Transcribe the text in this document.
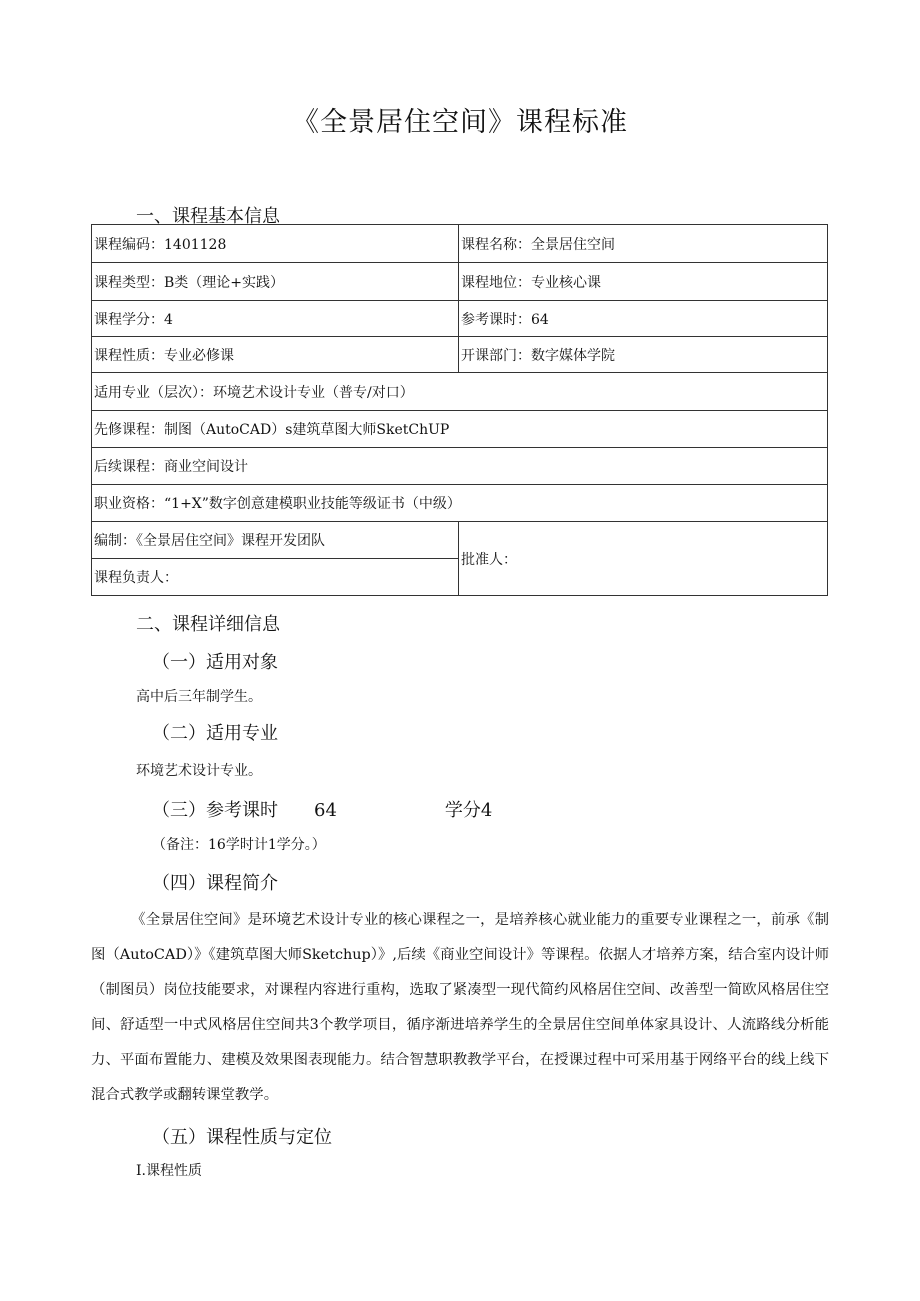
《全景居住空间》课程标准
一、课程基本信息
课程编码：1401128	课程名称：全景居住空间
课程类型：B类（理论+实践）	课程地位：专业核心课
课程学分：4	参考课时：64
课程性质：专业必修课	开课部门：数字媒体学院
适用专业（层次）：环境艺术设计专业（普专/对口）	
先修课程：制图（AutoCAD）s建筑草图大师SketChUP	
后续课程：商业空间设计	
职业资格：“1+X”数字创意建模职业技能等级证书（中级）	
编制：《全景居住空间》课程开发团队	批准人：
课程负责人：	
二、课程详细信息
（一）适用对象
高中后三年制学生。
（二）适用专业
环境艺术设计专业。
（三）参考课时 64	学分4
（备注：16学时计1学分。）
（四）课程简介
《全景居住空间》是环境艺术设计专业的核心课程之一，是培养核心就业能力的重要专业课程之一，前承《制图（AutoCAD）》《建筑草图大师Sketchup）》,后续《商业空间设计》等课程。依据人才培养方案，结合室内设计师（制图员）岗位技能要求，对课程内容进行重构，选取了紧凑型一现代简约风格居住空间、改善型一简欧风格居住空间、舒适型一中式风格居住空间共3个教学项目，循序渐进培养学生的全景居住空间单体家具设计、人流路线分析能力、平面布置能力、建模及效果图表现能力。结合智慧职教教学平台，在授课过程中可采用基于网络平台的线上线下混合式教学或翻转课堂教学。
（五）课程性质与定位
I.课程性质
